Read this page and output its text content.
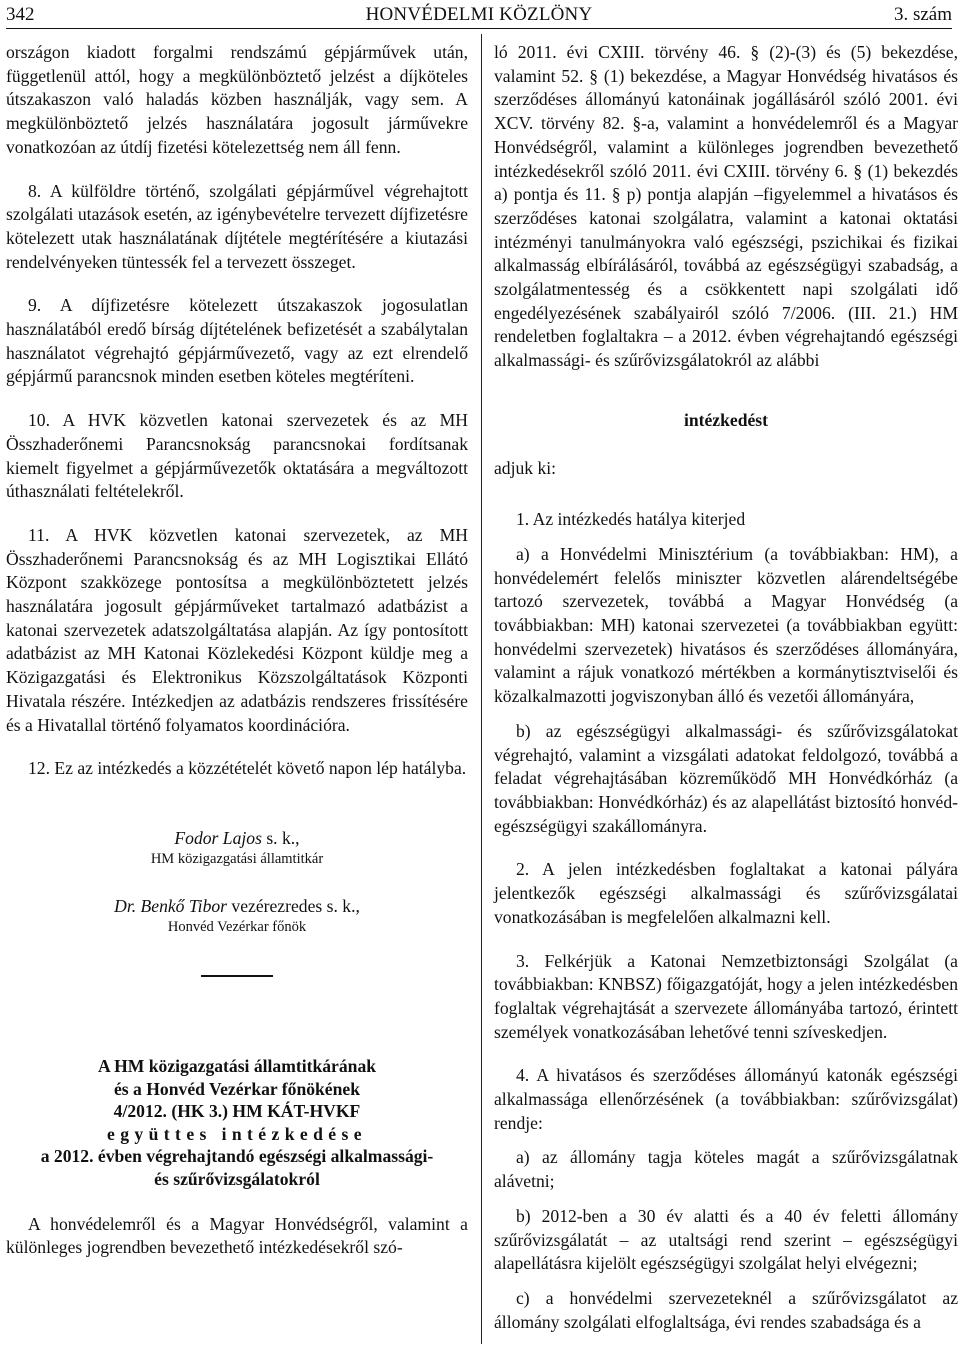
342	HONVÉDELMI KÖZLÖNY	3. szám

országon kiadott forgalmi rendszámú gépjárművek után, függetlenül attól, hogy a megkülönböztető jelzést a díjköteles útszakaszon való haladás közben használják, vagy sem. A megkülönböztető jelzés használatára jogosult járművekre vonatkozóan az útdíj fizetési kötelezettség nem áll fenn.

8. A külföldre történő, szolgálati gépjárművel végrehajtott szolgálati utazások esetén, az igénybevételre tervezett díjfizetésre kötelezett utak használatának díjtétele megtérítésére a kiutazási rendelvényeken tüntessék fel a tervezett összeget.

9. A díjfizetésre kötelezett útszakaszok jogosulatlan használatából eredő bírság díjtételének befizetését a szabálytalan használatot végrehajtó gépjárművezető, vagy az ezt elrendelő gépjármű parancsnok minden esetben köteles megtéríteni.

10. A HVK közvetlen katonai szervezetek és az MH Összhaderőnemi Parancsnokság parancsnokai fordítsanak kiemelt figyelmet a gépjárművezetők oktatására a megváltozott úthasználati feltételekről.

11. A HVK közvetlen katonai szervezetek, az MH Összhaderőnemi Parancsnokság és az MH Logisztikai Ellátó Központ szakközege pontosítsa a megkülönböztetett jelzés használatára jogosult gépjárműveket tartalmazó adatbázist a katonai szervezetek adatszolgáltatása alapján. Az így pontosított adatbázist az MH Katonai Közlekedési Központ küldje meg a Közigazgatási és Elektronikus Közszolgáltatások Központi Hivatala részére. Intézkedjen az adatbázis rendszeres frissítésére és a Hivatallal történő folyamatos koordinációra.

12. Ez az intézkedés a közzétételét követő napon lép hatályba.

Fodor Lajos s. k.,
HM közigazgatási államtitkár
Dr. Benkő Tibor vezérezredes s. k.,
Honvéd Vezérkar főnök
A HM közigazgatási államtitkárának
és a Honvéd Vezérkar főnökének
4/2012. (HK 3.) HM KÁT-HVKF
együttes intézkedése
a 2012. évben végrehajtandó egészségi alkalmassági-
és szűrővizsgálatokról

A honvédelemről és a Magyar Honvédségről, valamint a különleges jogrendben bevezethető intézkedésekről szó-

ló 2011. évi CXIII. törvény 46. § (2)-(3) és (5) bekezdése, valamint 52. § (1) bekezdése, a Magyar Honvédség hivatásos és szerződéses állományú katonáinak jogállásáról szóló 2001. évi XCV. törvény 82. §-a, valamint a honvédelemről és a Magyar Honvédségről, valamint a különleges jogrendben bevezethető intézkedésekről szóló 2011. évi CXIII. törvény 6. § (1) bekezdés a) pontja és 11. § p) pontja alapján –figyelemmel a hivatásos és szerződéses katonai szolgálatra, valamint a katonai oktatási intézményi tanulmányokra való egészségi, pszichikai és fizikai alkalmasság elbírálásáról, továbbá az egészségügyi szabadság, a szolgálatmentesség és a csökkentett napi szolgálati idő engedélyezésének szabályairól szóló 7/2006. (III. 21.) HM rendeletben foglaltakra – a 2012. évben végrehajtandó egészségi alkalmassági- és szűrővizsgálatokról az alábbi

intézkedést

adjuk ki:

1. Az intézkedés hatálya kiterjed

a) a Honvédelmi Minisztérium (a továbbiakban: HM), a honvédelemért felelős miniszter közvetlen alárendeltségébe tartozó szervezetek, továbbá a Magyar Honvédség (a továbbiakban: MH) katonai szervezetei (a továbbiakban együtt: honvédelmi szervezetek) hivatásos és szerződéses állományára, valamint a rájuk vonatkozó mértékben a kormánytisztviselői és közalkalmazotti jogviszonyban álló és vezetői állományára,

b) az egészségügyi alkalmassági- és szűrővizsgálatokat végrehajtó, valamint a vizsgálati adatokat feldolgozó, továbbá a feladat végrehajtásában közreműködő MH Honvédkórház (a továbbiakban: Honvédkórház) és az alapellátást biztosító honvéd-egészségügyi szakállományra.

2. A jelen intézkedésben foglaltakat a katonai pályára jelentkezők egészségi alkalmassági és szűrővizsgálatai vonatkozásában is megfelelően alkalmazni kell.

3. Felkérjük a Katonai Nemzetbiztonsági Szolgálat (a továbbiakban: KNBSZ) főigazgatóját, hogy a jelen intézkedésben foglaltak végrehajtását a szervezete állományába tartozó, érintett személyek vonatkozásában lehetővé tenni szíveskedjen.

4. A hivatásos és szerződéses állományú katonák egészségi alkalmassága ellenőrzésének (a továbbiakban: szűrővizsgálat) rendje:

a) az állomány tagja köteles magát a szűrővizsgálatnak alávetni;

b) 2012-ben a 30 év alatti és a 40 év feletti állomány szűrővizsgálatát – az utaltsági rend szerint – egészségügyi alapellátásra kijelölt egészségügyi szolgálat helyi elvégezni;

c) a honvédelmi szervezeteknél a szűrővizsgálatot az állomány szolgálati elfoglaltsága, évi rendes szabadsága és a
